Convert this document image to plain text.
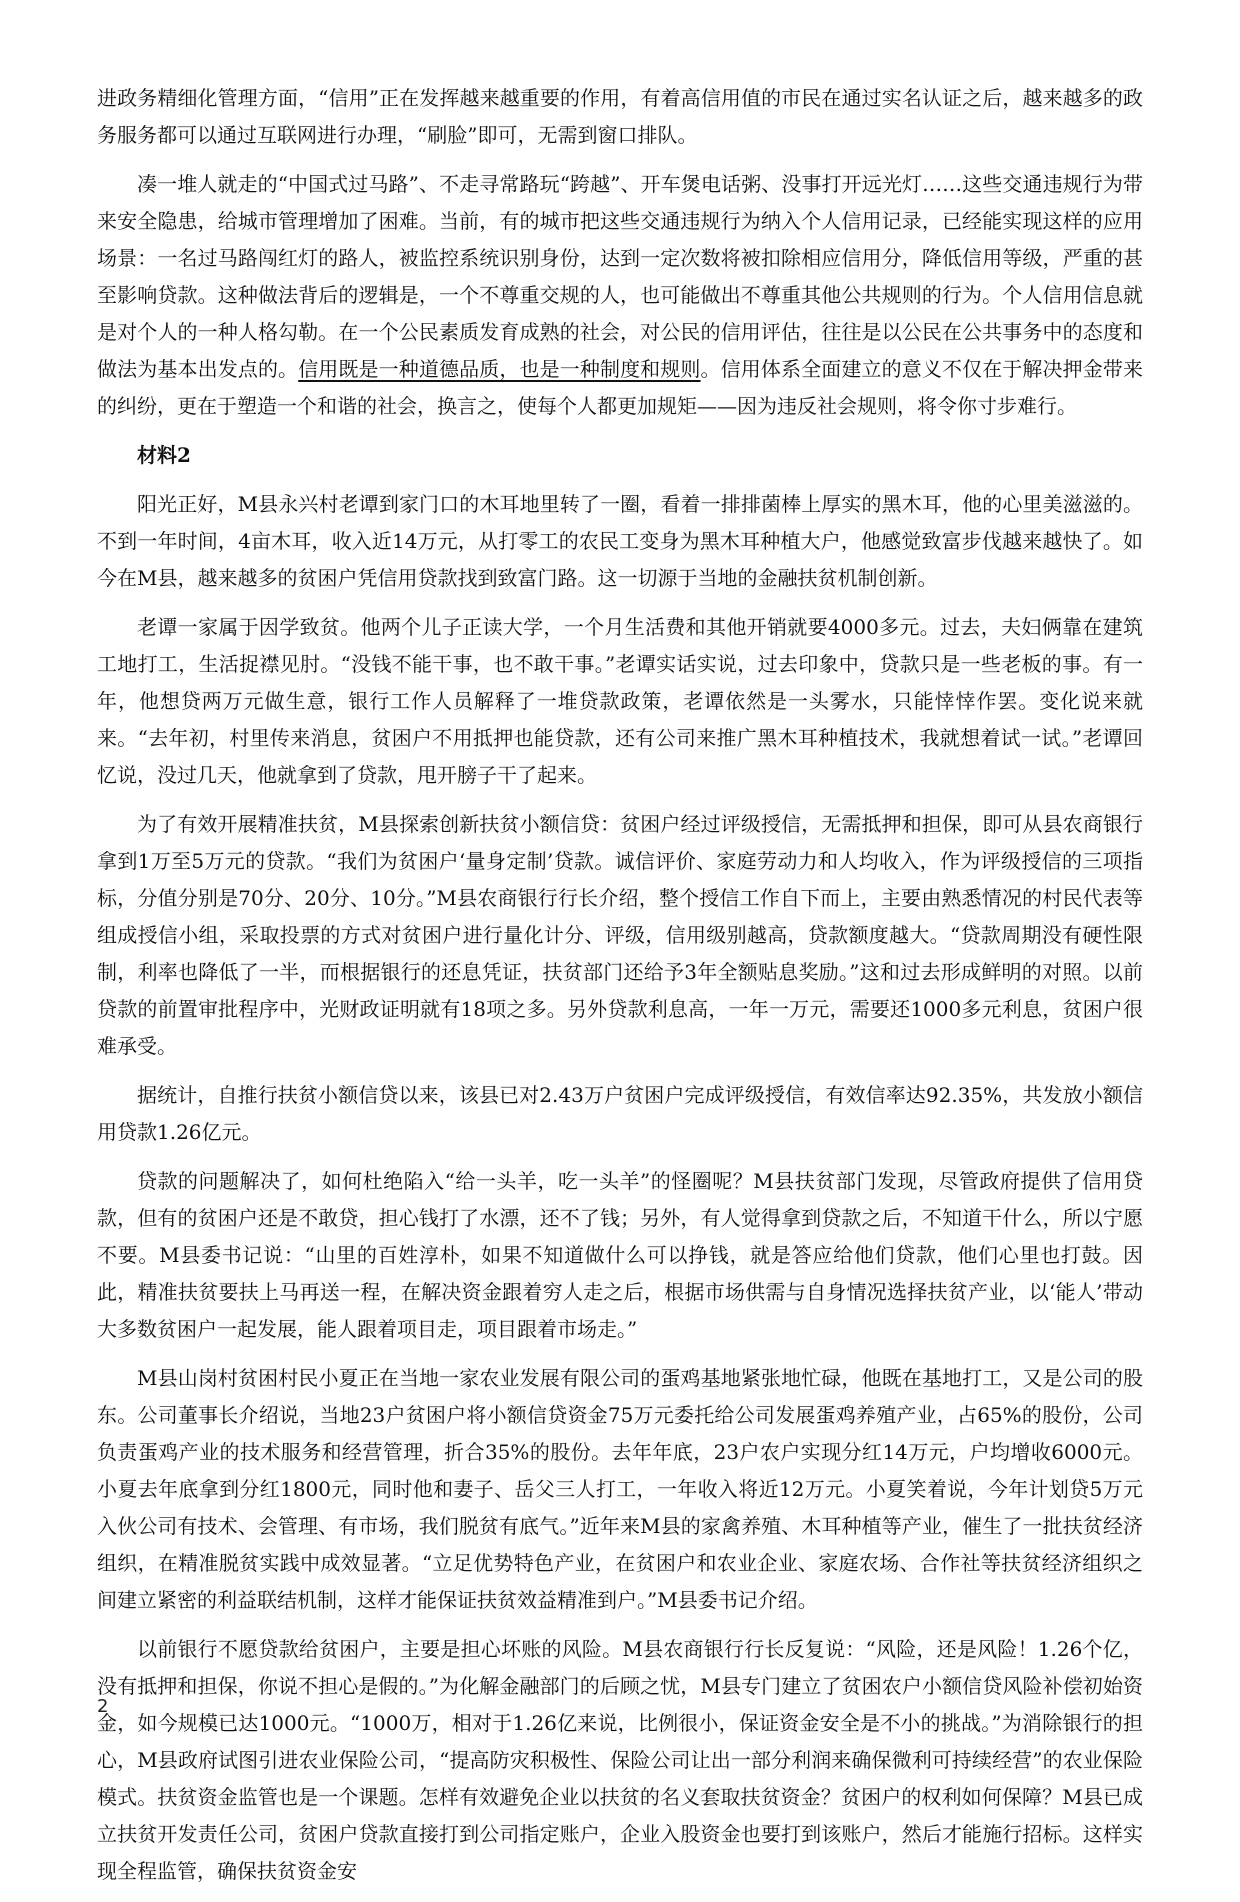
进政务精细化管理方面，“信用”正在发挥越来越重要的作用，有着高信用值的市民在通过实名认证之后，越来越多的政务服务都可以通过互联网进行办理，“刷脸”即可，无需到窗口排队。

凑一堆人就走的“中国式过马路”、不走寻常路玩“跨越”、开车煲电话粥、没事打开远光灯……这些交通违规行为带来安全隐患，给城市管理增加了困难。当前，有的城市把这些交通违规行为纳入个人信用记录，已经能实现这样的应用场景：一名过马路闯红灯的路人，被监控系统识别身份，达到一定次数将被扣除相应信用分，降低信用等级，严重的甚至影响贷款。这种做法背后的逻辑是，一个不尊重交规的人，也可能做出不尊重其他公共规则的行为。个人信用信息就是对个人的一种人格勾勒。在一个公民素质发育成熟的社会，对公民的信用评估，往往是以公民在公共事务中的态度和做法为基本出发点的。信用既是一种道德品质，也是一种制度和规则。信用体系全面建立的意义不仅在于解决押金带来的纠纷，更在于塑造一个和谐的社会，换言之，使每个人都更加规矩——因为违反社会规则，将令你寸步难行。

材料2

阳光正好，M县永兴村老谭到家门口的木耳地里转了一圈，看着一排排菌棒上厚实的黑木耳，他的心里美滋滋的。不到一年时间，4亩木耳，收入近14万元，从打零工的农民工变身为黑木耳种植大户，他感觉致富步伐越来越快了。如今在M县，越来越多的贫困户凭信用贷款找到致富门路。这一切源于当地的金融扶贫机制创新。

老谭一家属于因学致贫。他两个儿子正读大学，一个月生活费和其他开销就要4000多元。过去，夫妇俩靠在建筑工地打工，生活捉襟见肘。“没钱不能干事，也不敢干事。”老谭实话实说，过去印象中，贷款只是一些老板的事。有一年，他想贷两万元做生意，银行工作人员解释了一堆贷款政策，老谭依然是一头雾水，只能悻悻作罢。变化说来就来。“去年初，村里传来消息，贫困户不用抵押也能贷款，还有公司来推广黑木耳种植技术，我就想着试一试。”老谭回忆说，没过几天，他就拿到了贷款，甩开膀子干了起来。

为了有效开展精准扶贫，M县探索创新扶贫小额信贷：贫困户经过评级授信，无需抵押和担保，即可从县农商银行拿到1万至5万元的贷款。“我们为贫困户‘量身定制’贷款。诚信评价、家庭劳动力和人均收入，作为评级授信的三项指标，分值分别是70分、20分、10分。”M县农商银行行长介绍，整个授信工作自下而上，主要由熟悉情况的村民代表等组成授信小组，采取投票的方式对贫困户进行量化计分、评级，信用级别越高，贷款额度越大。“贷款周期没有硬性限制，利率也降低了一半，而根据银行的还息凭证，扶贫部门还给予3年全额贴息奖励。”这和过去形成鲜明的对照。以前贷款的前置审批程序中，光财政证明就有18项之多。另外贷款利息高，一年一万元，需要还1000多元利息，贫困户很难承受。

据统计，自推行扶贫小额信贷以来，该县已对2.43万户贫困户完成评级授信，有效信率达92.35%，共发放小额信用贷款1.26亿元。

贷款的问题解决了，如何杜绝陷入“给一头羊，吃一头羊”的怪圈呢？M县扶贫部门发现，尽管政府提供了信用贷款，但有的贫困户还是不敢贷，担心钱打了水漂，还不了钱；另外，有人觉得拿到贷款之后，不知道干什么，所以宁愿不要。M县委书记说：“山里的百姓淳朴，如果不知道做什么可以挣钱，就是答应给他们贷款，他们心里也打鼓。因此，精准扶贫要扶上马再送一程，在解决资金跟着穷人走之后，根据市场供需与自身情况选择扶贫产业，以‘能人’带动大多数贫困户一起发展，能人跟着项目走，项目跟着市场走。”

M县山岗村贫困村民小夏正在当地一家农业发展有限公司的蛋鸡基地紧张地忙碌，他既在基地打工，又是公司的股东。公司董事长介绍说，当地23户贫困户将小额信贷资金75万元委托给公司发展蛋鸡养殖产业，占65%的股份，公司负责蛋鸡产业的技术服务和经营管理，折合35%的股份。去年年底，23户农户实现分红14万元，户均增收6000元。小夏去年底拿到分红1800元，同时他和妻子、岳父三人打工，一年收入将近12万元。小夏笑着说，今年计划贷5万元入伙公司有技术、会管理、有市场，我们脱贫有底气。”近年来M县的家禽养殖、木耳种植等产业，催生了一批扶贫经济组织，在精准脱贫实践中成效显著。“立足优势特色产业，在贫困户和农业企业、家庭农场、合作社等扶贫经济组织之间建立紧密的利益联结机制，这样才能保证扶贫效益精准到户。”M县委书记介绍。

以前银行不愿贷款给贫困户，主要是担心坏账的风险。M县农商银行行长反复说：“风险，还是风险！1.26个亿，没有抵押和担保，你说不担心是假的。”为化解金融部门的后顾之忧，M县专门建立了贫困农户小额信贷风险补偿初始资金，如今规模已达1000元。“1000万，相对于1.26亿来说，比例很小，保证资金安全是不小的挑战。”为消除银行的担心，M县政府试图引进农业保险公司，“提高防灾积极性、保险公司让出一部分利润来确保微利可持续经营”的农业保险模式。扶贫资金监管也是一个课题。怎样有效避免企业以扶贫的名义套取扶贫资金？贫困户的权利如何保障？M县已成立扶贫开发责任公司，贫困户贷款直接打到公司指定账户，企业入股资金也要打到该账户，然后才能施行招标。这样实现全程监管，确保扶贫资金安

2
